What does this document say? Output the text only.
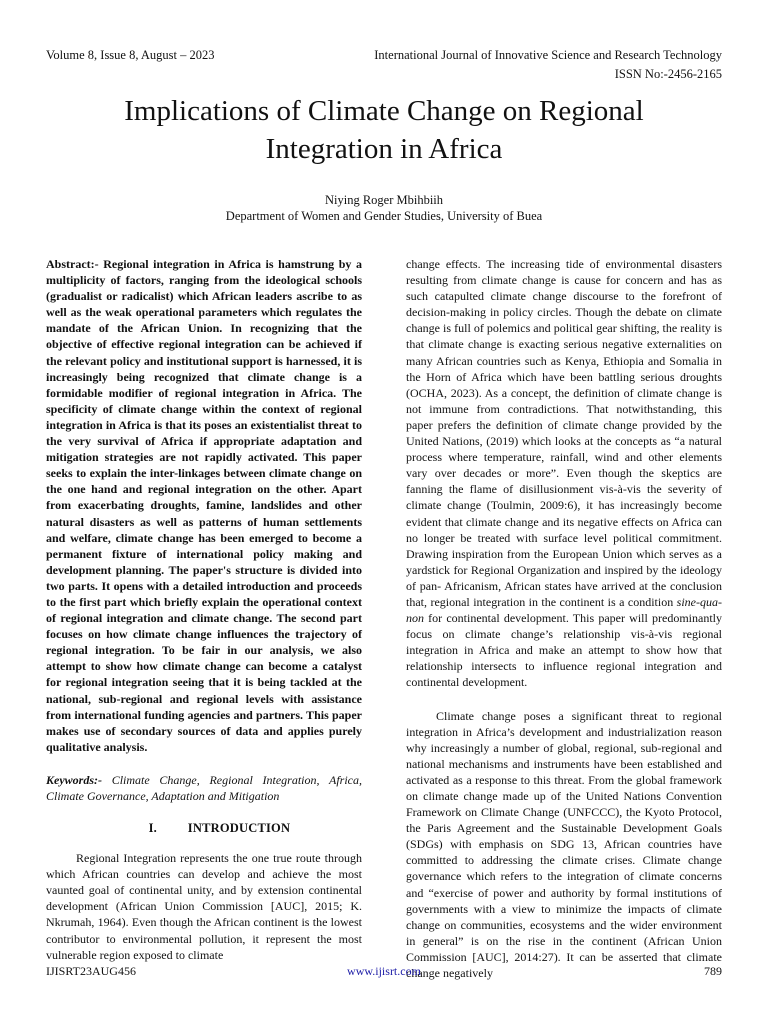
Volume 8, Issue 8, August – 2023	International Journal of Innovative Science and Research Technology
ISSN No:-2456-2165
Implications of Climate Change on Regional Integration in Africa
Niying Roger Mbihbiih
Department of Women and Gender Studies, University of Buea

Abstract:- Regional integration in Africa is hamstrung by a multiplicity of factors, ranging from the ideological schools (gradualist or radicalist) which African leaders ascribe to as well as the weak operational parameters which regulates the mandate of the African Union. In recognizing that the objective of effective regional integration can be achieved if the relevant policy and institutional support is harnessed, it is increasingly being recognized that climate change is a formidable modifier of regional integration in Africa. The specificity of climate change within the context of regional integration in Africa is that its poses an existentialist threat to the very survival of Africa if appropriate adaptation and mitigation strategies are not rapidly activated. This paper seeks to explain the inter-linkages between climate change on the one hand and regional integration on the other. Apart from exacerbating droughts, famine, landslides and other natural disasters as well as patterns of human settlements and welfare, climate change has been emerged to become a permanent fixture of international policy making and development planning. The paper's structure is divided into two parts. It opens with a detailed introduction and proceeds to the first part which briefly explain the operational context of regional integration and climate change. The second part focuses on how climate change influences the trajectory of regional integration. To be fair in our analysis, we also attempt to show how climate change can become a catalyst for regional integration seeing that it is being tackled at the national, sub-regional and regional levels with assistance from international funding agencies and partners. This paper makes use of secondary sources of data and applies purely qualitative analysis.

Keywords:- Climate Change, Regional Integration, Africa, Climate Governance, Adaptation and Mitigation

I. INTRODUCTION

Regional Integration represents the one true route through which African countries can develop and achieve the most vaunted goal of continental unity, and by extension continental development (African Union Commission [AUC], 2015; K. Nkrumah, 1964). Even though the African continent is the lowest contributor to environmental pollution, it represent the most vulnerable region exposed to climate

change effects. The increasing tide of environmental disasters resulting from climate change is cause for concern and has as such catapulted climate change discourse to the forefront of decision-making in policy circles. Though the debate on climate change is full of polemics and political gear shifting, the reality is that climate change is exacting serious negative externalities on many African countries such as Kenya, Ethiopia and Somalia in the Horn of Africa which have been battling serious droughts (OCHA, 2023). As a concept, the definition of climate change is not immune from contradictions. That notwithstanding, this paper prefers the definition of climate change provided by the United Nations, (2019) which looks at the concepts as “a natural process where temperature, rainfall, wind and other elements vary over decades or more”. Even though the skeptics are fanning the flame of disillusionment vis-à-vis the severity of climate change (Toulmin, 2009:6), it has increasingly become evident that climate change and its negative effects on Africa can no longer be treated with surface level political commitment. Drawing inspiration from the European Union which serves as a yardstick for Regional Organization and inspired by the ideology of pan- Africanism, African states have arrived at the conclusion that, regional integration in the continent is a condition sine-qua-non for continental development. This paper will predominantly focus on climate change’s relationship vis-à-vis regional integration in Africa and make an attempt to show how that relationship intersects to influence regional integration and continental development.

Climate change poses a significant threat to regional integration in Africa’s development and industrialization reason why increasingly a number of global, regional, sub-regional and national mechanisms and instruments have been established and activated as a response to this threat. From the global framework on climate change made up of the United Nations Convention Framework on Climate Change (UNFCCC), the Kyoto Protocol, the Paris Agreement and the Sustainable Development Goals (SDGs) with emphasis on SDG 13, African countries have committed to addressing the climate crises. Climate change governance which refers to the integration of climate concerns and “exercise of power and authority by formal institutions of governments with a view to minimize the impacts of climate change on communities, ecosystems and the wider environment in general” is on the rise in the continent (African Union Commission [AUC], 2014:27). It can be asserted that climate change negatively

IJISRT23AUG456	www.ijisrt.com	789
